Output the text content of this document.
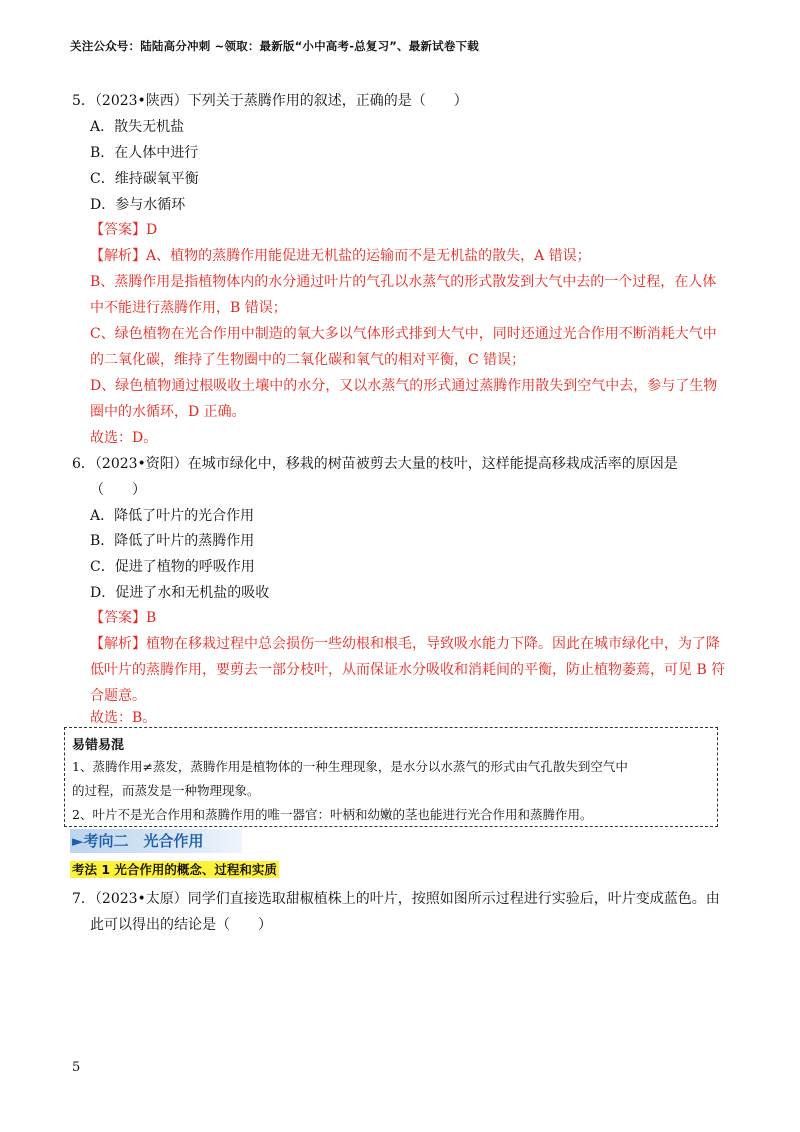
关注公众号：陆陆高分冲刺 ~领取：最新版“小中高考-总复习”、最新试卷下载
5．（2023•陕西）下列关于蒸腾作用的叙述，正确的是（　　）
A．散失无机盐
B．在人体中进行
C．维持碳氧平衡
D．参与水循环
【答案】D
【解析】A、植物的蒸腾作用能促进无机盐的运输而不是无机盐的散失，A 错误；
B、蒸腾作用是指植物体内的水分通过叶片的气孔以水蒸气的形式散发到大气中去的一个过程，在人体
中不能进行蒸腾作用，B 错误；
C、绿色植物在光合作用中制造的氧大多以气体形式排到大气中，同时还通过光合作用不断消耗大气中
的二氧化碳，维持了生物圈中的二氧化碳和氧气的相对平衡，C 错误；
D、绿色植物通过根吸收土壤中的水分，又以水蒸气的形式通过蒸腾作用散失到空气中去，参与了生物
圈中的水循环，D 正确。
故选：D。
6．（2023•资阳）在城市绿化中，移栽的树苗被剪去大量的枝叶，这样能提高移栽成活率的原因是
（　　）
A．降低了叶片的光合作用
B．降低了叶片的蒸腾作用
C．促进了植物的呼吸作用
D．促进了水和无机盐的吸收
【答案】B
【解析】植物在移栽过程中总会损伤一些幼根和根毛，导致吸水能力下降。因此在城市绿化中，为了降
低叶片的蒸腾作用，要剪去一部分枝叶，从而保证水分吸收和消耗间的平衡，防止植物萎蔫，可见 B 符
合题意。
故选：B。
易错易混
1、蒸腾作用≠蒸发，蒸腾作用是植物体的一种生理现象，是水分以水蒸气的形式由气孔散失到空气中
的过程，而蒸发是一种物理现象。
2、叶片不是光合作用和蒸腾作用的唯一器官：叶柄和幼嫩的茎也能进行光合作用和蒸腾作用。
►考向二　光合作用
考法 1 光合作用的概念、过程和实质
7．（2023•太原）同学们直接选取甜椒植株上的叶片，按照如图所示过程进行实验后，叶片变成蓝色。由
此可以得出的结论是（　　）
5
